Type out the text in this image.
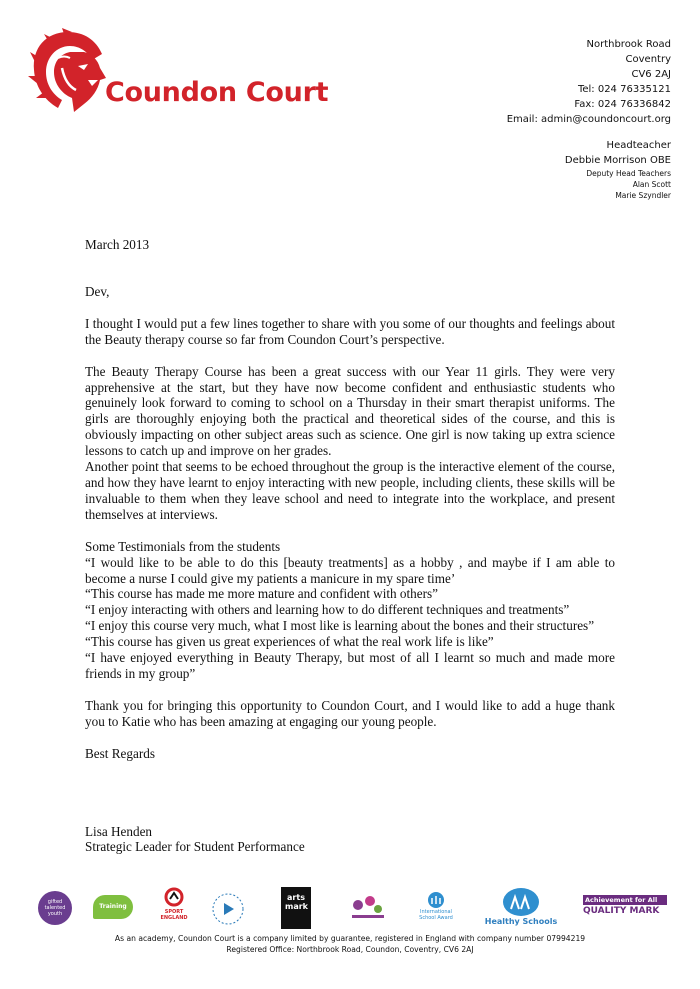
Coundon Court
Northbrook Road
Coventry
CV6 2AJ
Tel: 024 76335121
Fax: 024 76336842
Email: admin@coundoncourt.org
Headteacher
Debbie Morrison OBE
Deputy Head Teachers
Alan Scott
Marie Szyndler

March 2013

Dev,

I thought I would put a few lines together to share with you some of our thoughts and feelings about the Beauty therapy course so far from Coundon Court’s perspective.

The Beauty Therapy Course has been a great success with our Year 11 girls. They were very apprehensive at the start, but they have now become confident and enthusiastic students who genuinely look forward to coming to school on a Thursday in their smart therapist uniforms. The girls are thoroughly enjoying both the practical and theoretical sides of the course, and this is obviously impacting on other subject areas such as science. One girl is now taking up extra science lessons to catch up and improve on her grades.

Another point that seems to be echoed throughout the group is the interactive element of the course, and how they have learnt to enjoy interacting with new people, including clients, these skills will be invaluable to them when they leave school and need to integrate into the workplace, and present themselves at interviews.

Some Testimonials from the students

“I would like to be able to do this [beauty treatments] as a hobby , and maybe if I am able to become a nurse I could give my patients a manicure in my spare time’

“This course has made me more mature and confident with others”

“I enjoy interacting with others and learning how to do different techniques and treatments”

“I enjoy this course very much, what I most like is learning about the bones and their structures”

“This course has given us great experiences of what the real work life is like”

“I have enjoyed everything in Beauty Therapy, but most of all I learnt so much and made more friends in my group”

Thank you for bringing this opportunity to Coundon Court, and I would like to add a huge thank you to Katie who has been amazing at engaging our young people.

Best Regards

Lisa Henden

Strategic Leader for Student Performance

gifted talented youth
Training
SPORT ENGLAND
arts mark
International School Award	Healthy Schools
Achievement for All
QUALITY MARK
As an academy, Coundon Court is a company limited by guarantee, registered in England with company number 07994219
Registered Office: Northbrook Road, Coundon, Coventry, CV6 2AJ
